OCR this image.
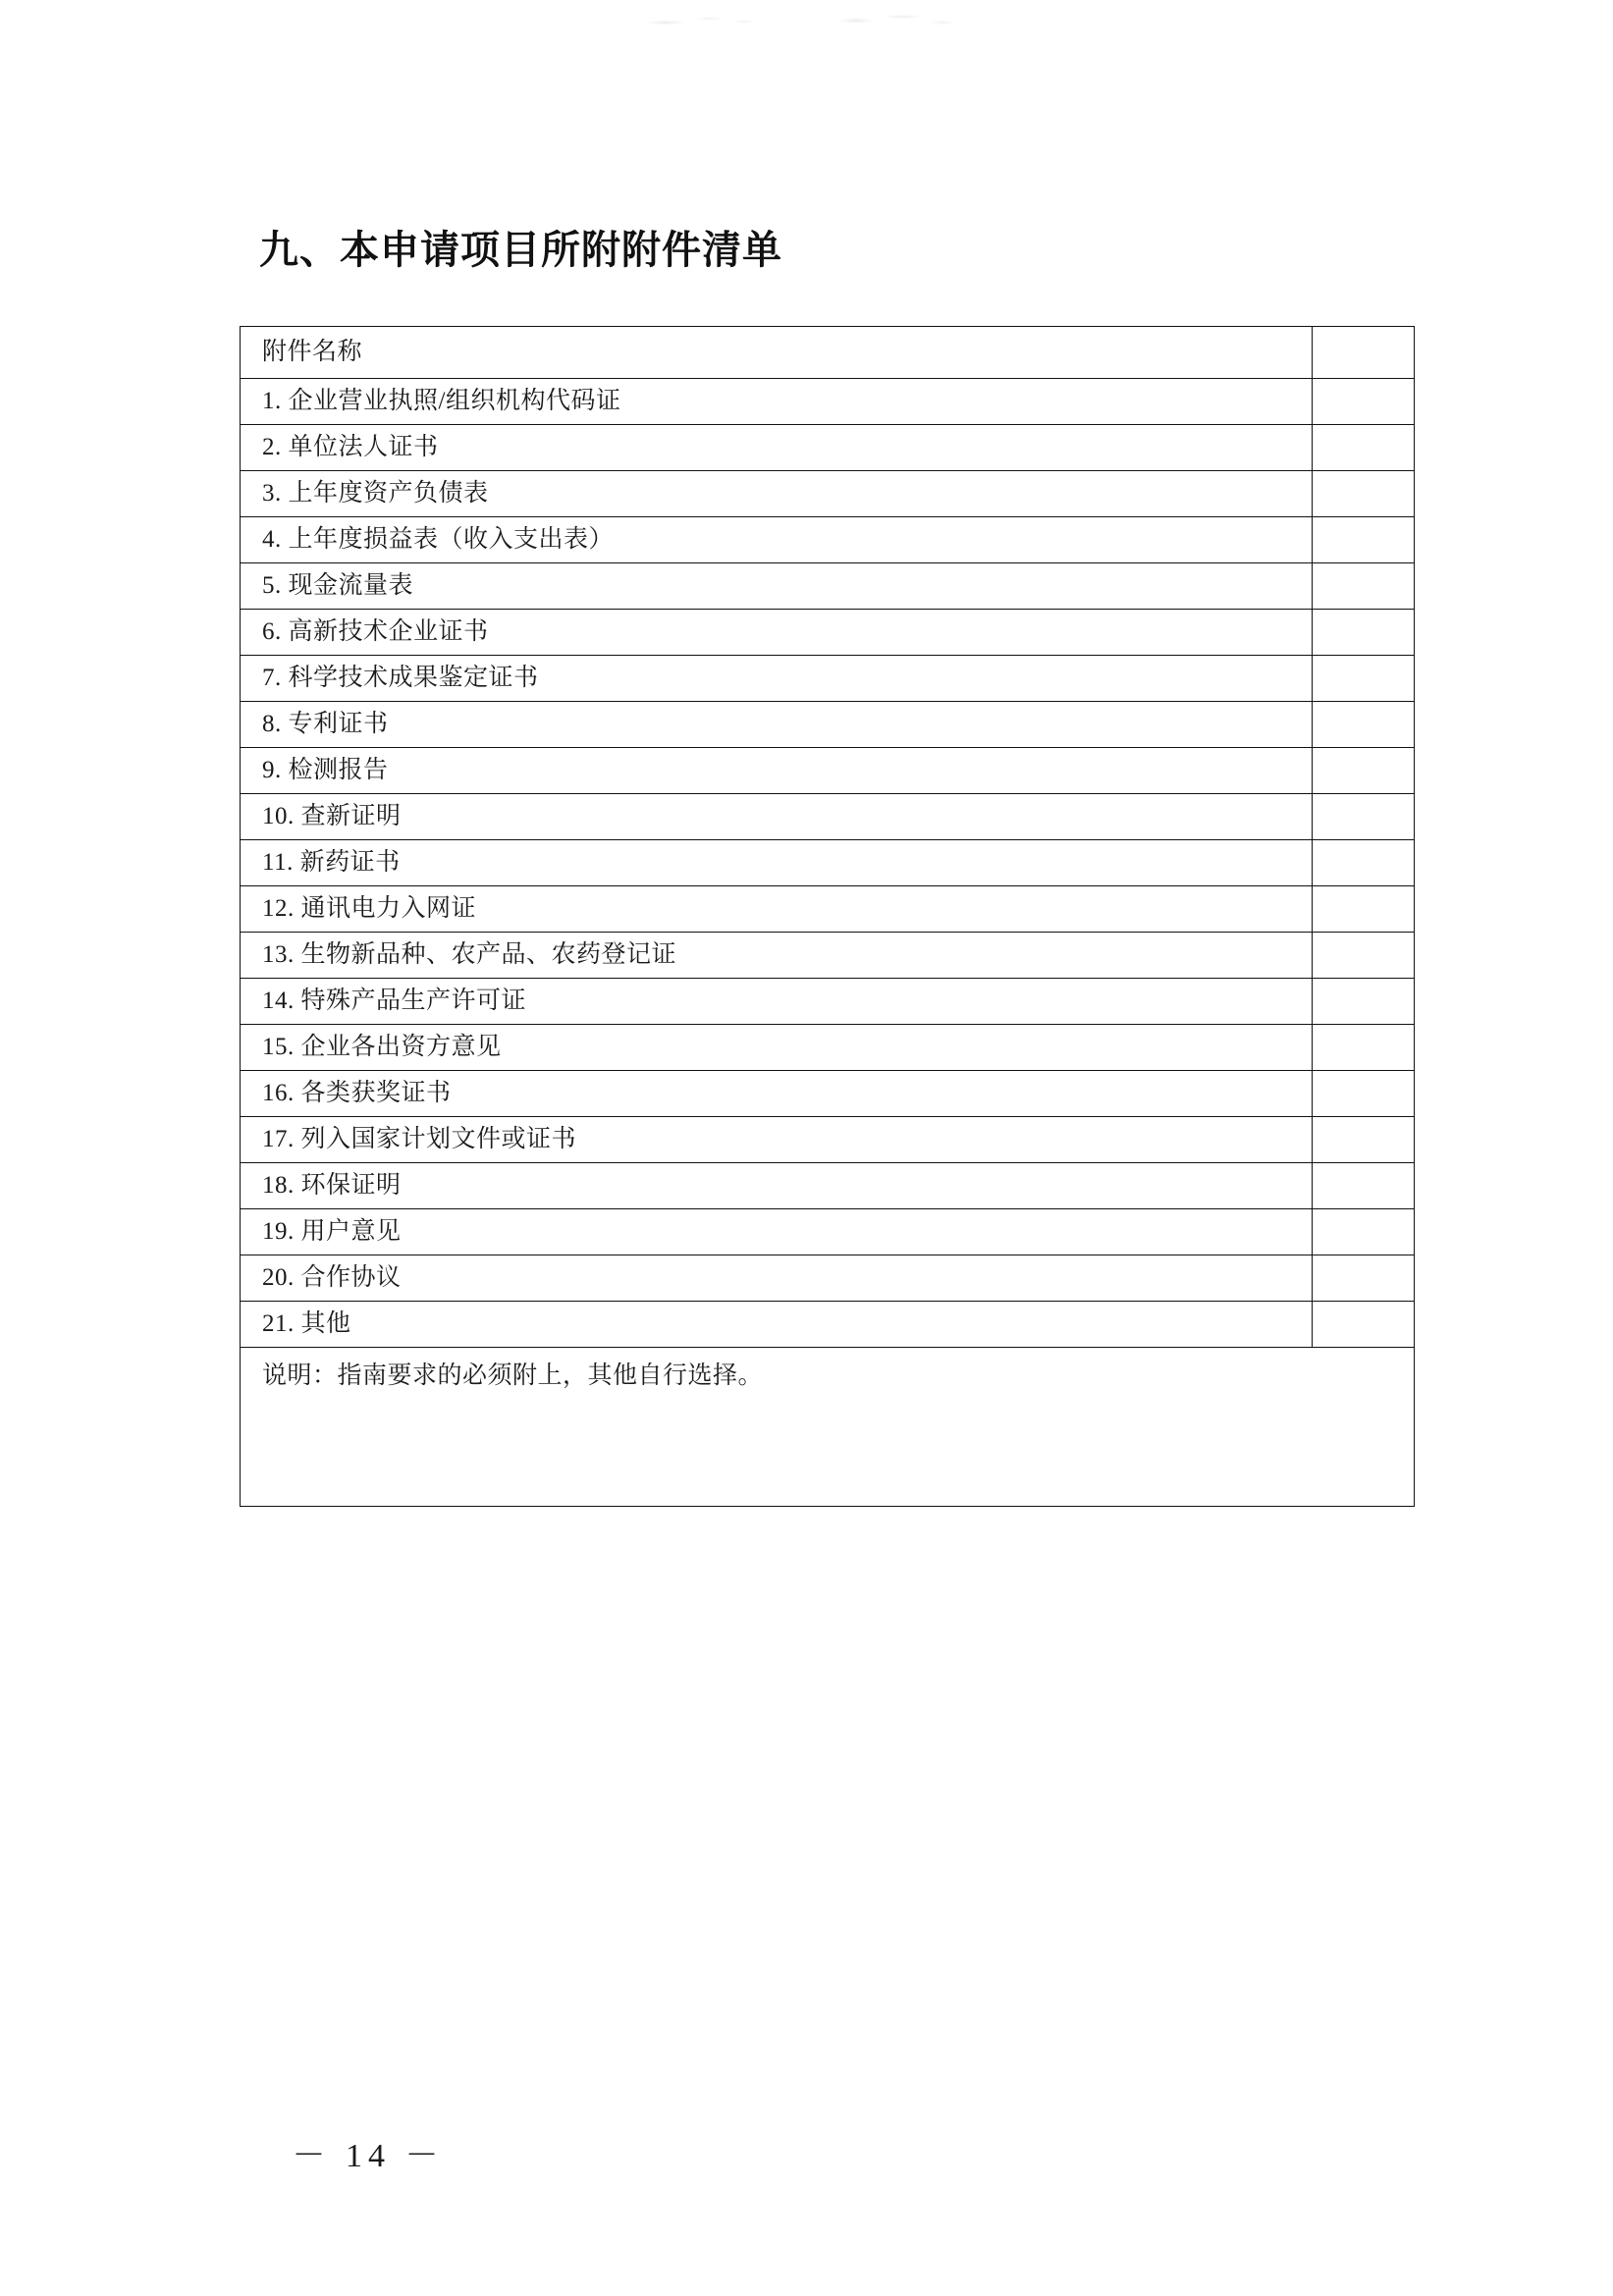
九、本申请项目所附附件清单
附件名称	
1. 企业营业执照/组织机构代码证	
2. 单位法人证书	
3. 上年度资产负债表	
4. 上年度损益表（收入支出表）	
5. 现金流量表	
6. 高新技术企业证书	
7. 科学技术成果鉴定证书	
8. 专利证书	
9. 检测报告	
10. 查新证明	
11. 新药证书	
12. 通讯电力入网证	
13. 生物新品种、农产品、农药登记证	
14. 特殊产品生产许可证	
15. 企业各出资方意见	
16. 各类获奖证书	
17. 列入国家计划文件或证书	
18. 环保证明	
19. 用户意见	
20. 合作协议	
21. 其他	
说明：指南要求的必须附上，其他自行选择。	
－ 14 －
